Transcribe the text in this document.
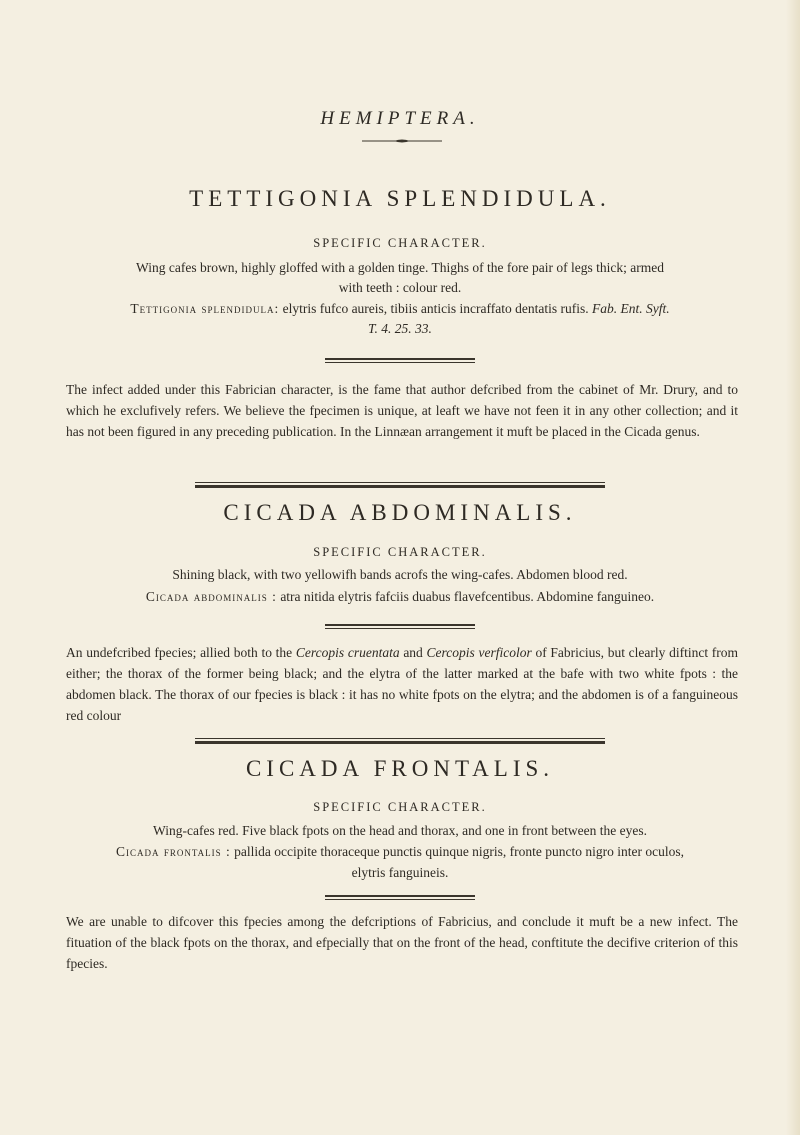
HEMIPTERA.
TETTIGONIA SPLENDIDULA.
SPECIFIC CHARACTER.
Wing cafes brown, highly gloffed with a golden tinge. Thighs of the fore pair of legs thick; armed
with teeth : colour red.
Tettigonia splendidula: elytris fufco aureis, tibiis anticis incraffato dentatis rufis. Fab. Ent. Syft.
T. 4. 25. 33.
The infect added under this Fabrician character, is the fame that author defcribed from the cabinet of Mr. Drury, and to which he exclufively refers. We believe the fpecimen is unique, at leaft we have not feen it in any other collection; and it has not been figured in any preceding publication. In the Linnæan arrangement it muft be placed in the Cicada genus.
CICADA ABDOMINALIS.
SPECIFIC CHARACTER.
Shining black, with two yellowifh bands acrofs the wing-cafes. Abdomen blood red.
Cicada abdominalis : atra nitida elytris fafciis duabus flavefcentibus. Abdomine fanguineo.
An undefcribed fpecies; allied both to the Cercopis cruentata and Cercopis verficolor of Fabricius, but clearly diftinct from either; the thorax of the former being black; and the elytra of the latter marked at the bafe with two white fpots : the abdomen black. The thorax of our fpecies is black : it has no white fpots on the elytra; and the abdomen is of a fanguineous red colour
CICADA FRONTALIS.
SPECIFIC CHARACTER.
Wing-cafes red. Five black fpots on the head and thorax, and one in front between the eyes.
Cicada frontalis : pallida occipite thoraceque punctis quinque nigris, fronte puncto nigro inter oculos,
elytris fanguineis.
We are unable to difcover this fpecies among the defcriptions of Fabricius, and conclude it muft be a new infect. The fituation of the black fpots on the thorax, and efpecially that on the front of the head, conftitute the decifive criterion of this fpecies.
